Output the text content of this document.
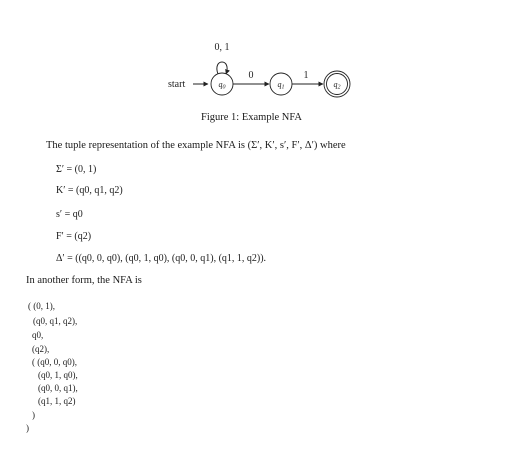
start
0, 1
q0
0
q1
1
q2
Figure 1: Example NFA
The tuple representation of the example NFA is (Σ′, K′, s′, F′, Δ′) where
Σ′ = (0, 1)
K′ = (q0, q1, q2)
s′ = q0
F′ = (q2)
Δ′ = ((q0, 0, q0), (q0, 1, q0), (q0, 0, q1), (q1, 1, q2)).
In another form, the NFA is
( (0, 1),
(q0, q1, q2),
q0,
(q2),
( (q0, 0, q0),
(q0, 1, q0),
(q0, 0, q1),
(q1, 1, q2)
)
)
